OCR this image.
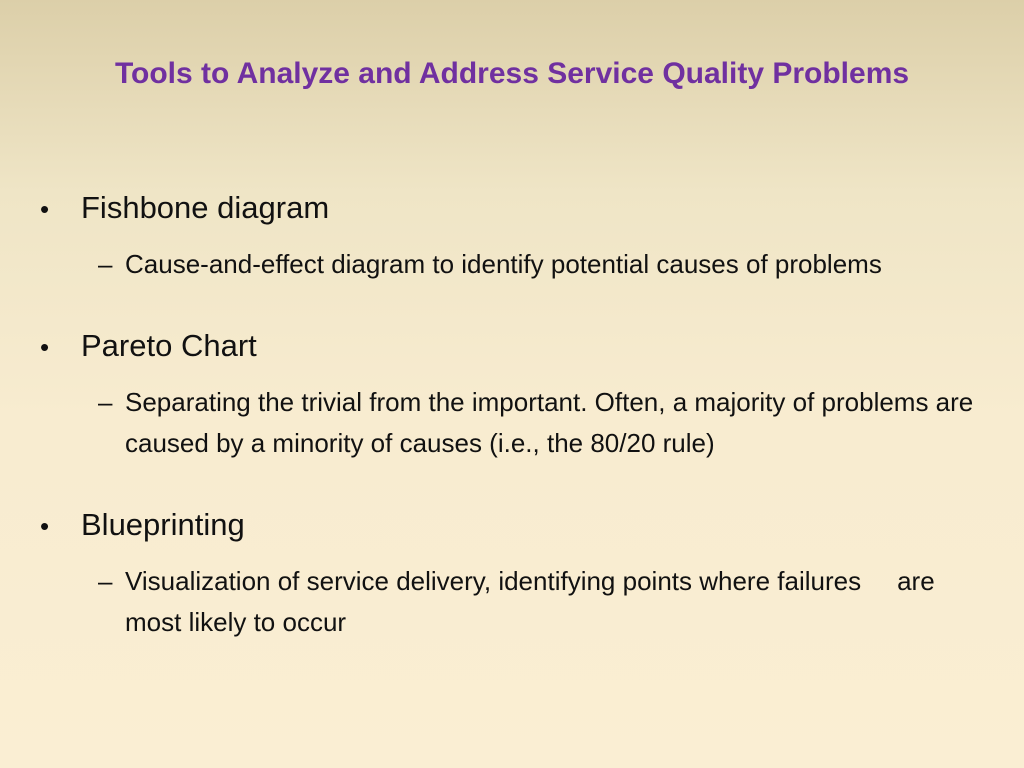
Tools to Analyze and Address Service Quality Problems
•	Fishbone diagram
– Cause-and-effect diagram to identify potential causes of problems
•	Pareto Chart
– Separating the trivial from the important. Often, a majority of problems are caused by a minority of causes (i.e., the 80/20 rule)
•	Blueprinting
– Visualization of service delivery, identifying points where failures are most likely to occur
